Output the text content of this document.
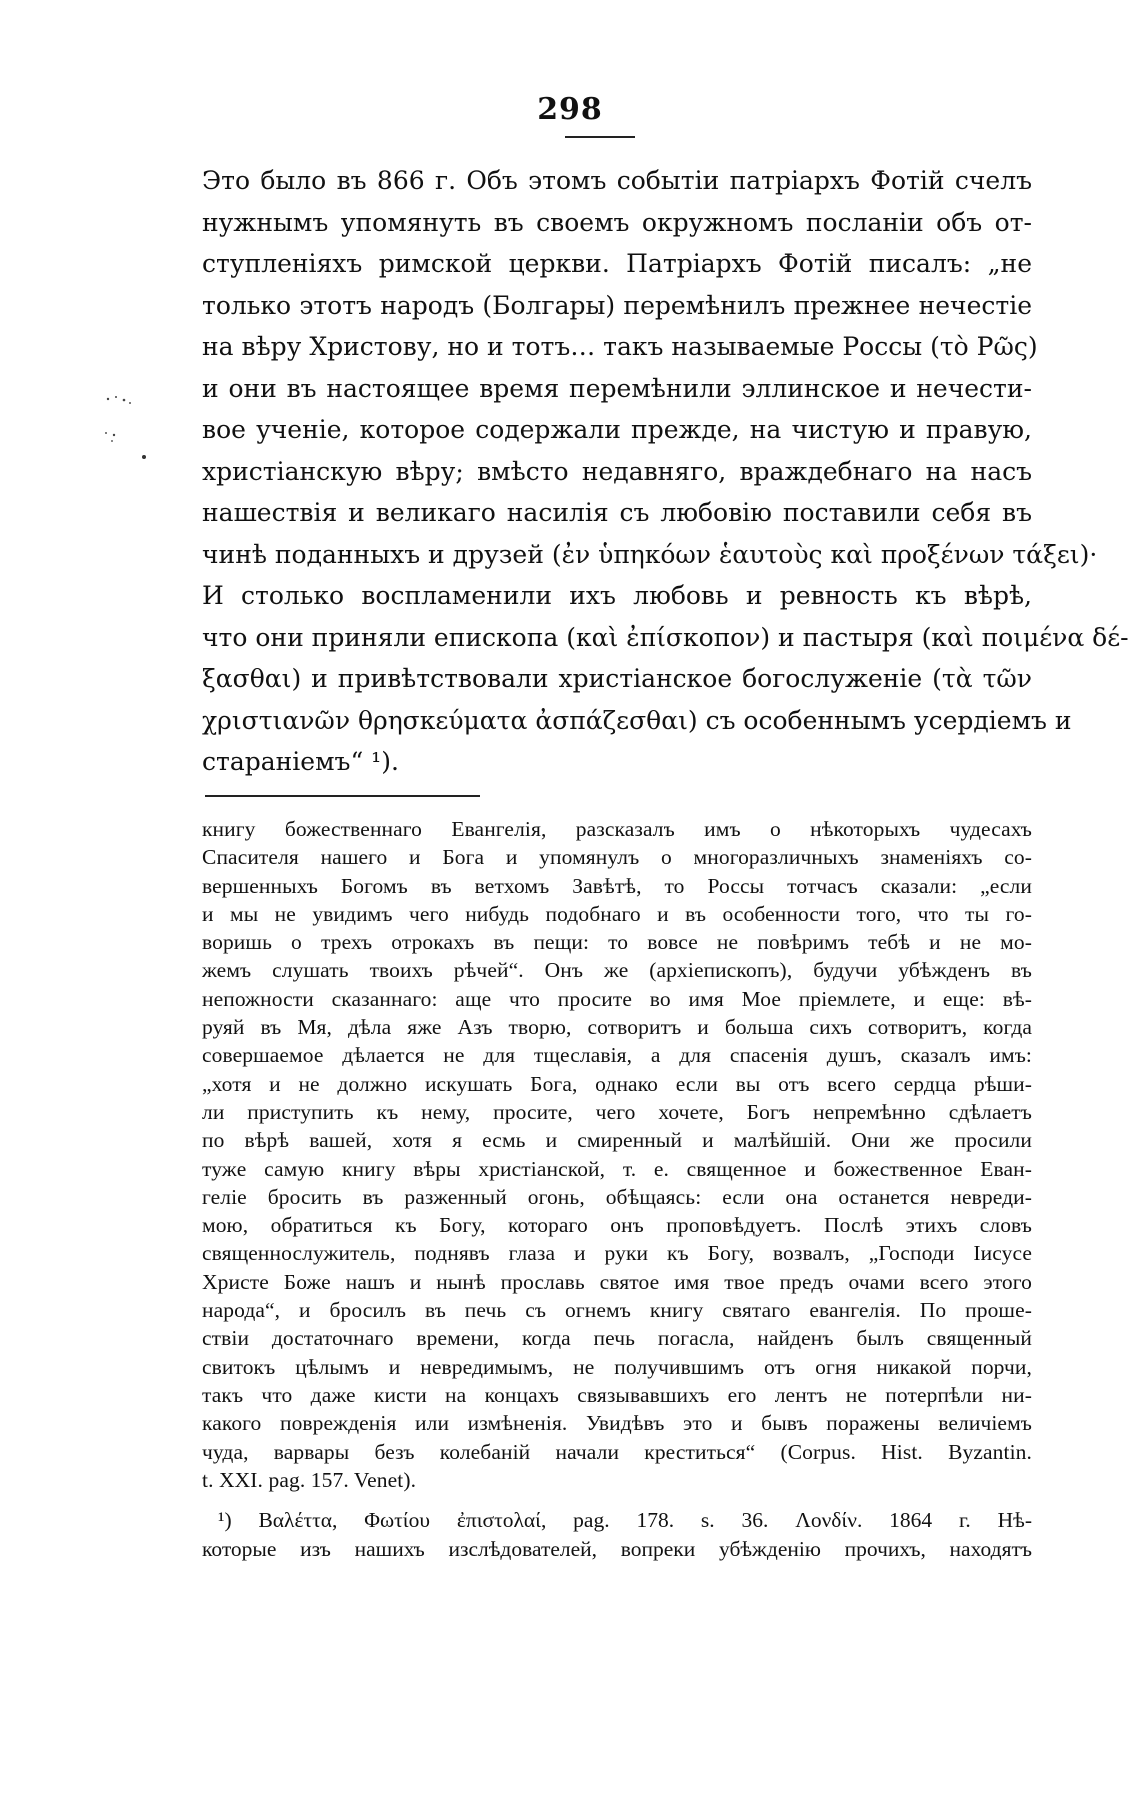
298
Это было въ 866 г. Объ этомъ событіи патріархъ Фотій счелъ
нужнымъ упомянуть въ своемъ окружномъ посланіи объ от-
ступленіяхъ римской церкви. Патріархъ Фотій писалъ: „не
только этотъ народъ (Болгары) перемѣнилъ прежнее нечестіе
на вѣру Христову, но и тотъ… такъ называемые Россы (τὸ Ρῶς)
и они въ настоящее время перемѣнили эллинское и нечести-
вое ученіе, которое содержали прежде, на чистую и правую,
христіанскую вѣру; вмѣсто недавняго, враждебнаго на насъ
нашествія и великаго насилія съ любовію поставили себя въ
чинѣ поданныхъ и друзей (ἐν ὑπηκόων ἑαυτοὺς καὶ προξένων τάξει)·
И столько воспламенили ихъ любовь и ревность къ вѣрѣ,
что они приняли епископа (καὶ ἐπίσκοπον) и пастыря (καὶ ποιμένα δέ-
ξασθαι) и привѣтствовали христіанское богослуженіе (τὰ τῶν
χριστιανῶν θρησκεύματα ἀσπάζεσθαι) съ особеннымъ усердіемъ и
стараніемъ“ ¹).
книгу божественнаго Евангелія, разсказалъ имъ о нѣкоторыхъ чудесахъ
Спасителя нашего и Бога и упомянулъ о многоразличныхъ знаменіяхъ со-
вершенныхъ Богомъ въ ветхомъ Завѣтѣ, то Россы тотчасъ сказали: „если
и мы не увидимъ чего нибудь подобнаго и въ особенности того, что ты го-
воришь о трехъ отрокахъ въ пещи: то вовсе не повѣримъ тебѣ и не мо-
жемъ слушать твоихъ рѣчей“. Онъ же (архіепископъ), будучи убѣжденъ въ
непожности сказаннаго: аще что просите во имя Мое пріемлете, и еще: вѣ-
руяй въ Мя, дѣла яже Азъ творю, сотворитъ и больша сихъ сотворитъ, когда
совершаемое дѣлается не для тщеславія, а для спасенія душъ, сказалъ имъ:
„хотя и не должно искушать Бога, однако если вы отъ всего сердца рѣши-
ли приступить къ нему, просите, чего хочете, Богъ непремѣнно сдѣлаетъ
по вѣрѣ вашей, хотя я есмь и смиренный и малѣйшій. Они же просили
тужe самую книгу вѣры христіанской, т. е. священное и божественное Еван-
геліе бросить въ разженный огонь, обѣщаясь: если она останется невреди-
мою, обратиться къ Богу, котораго онъ проповѣдуетъ. Послѣ этихъ словъ
священнослужитель, поднявъ глаза и руки къ Богу, возвалъ, „Господи Іисусе
Христе Боже нашъ и нынѣ прославь святое имя твое предъ очами всего этого
народа“, и бросилъ въ печь съ огнемъ книгу святаго евангелія. По проше-
ствіи достаточнаго времени, когда печь погасла, найденъ былъ священный
свитокъ цѣлымъ и невредимымъ, не получившимъ отъ огня никакой порчи,
такъ что даже кисти на концахъ связывавшихъ его лентъ не потерпѣли ни-
какого поврежденія или измѣненія. Увидѣвъ это и бывъ поражены величіемъ
чуда, варвары безъ колебаній начали креститься“ (Corpus. Hist. Byzantin.
t. XXI. pag. 157. Venet).
¹) Βαλέττα, Φωτίου ἐπιστολαί, pag. 178. s. 36. Λονδίν. 1864 г. Нѣ-
которые изъ нашихъ изслѣдователей, вопреки убѣжденію прочихъ, находятъ
